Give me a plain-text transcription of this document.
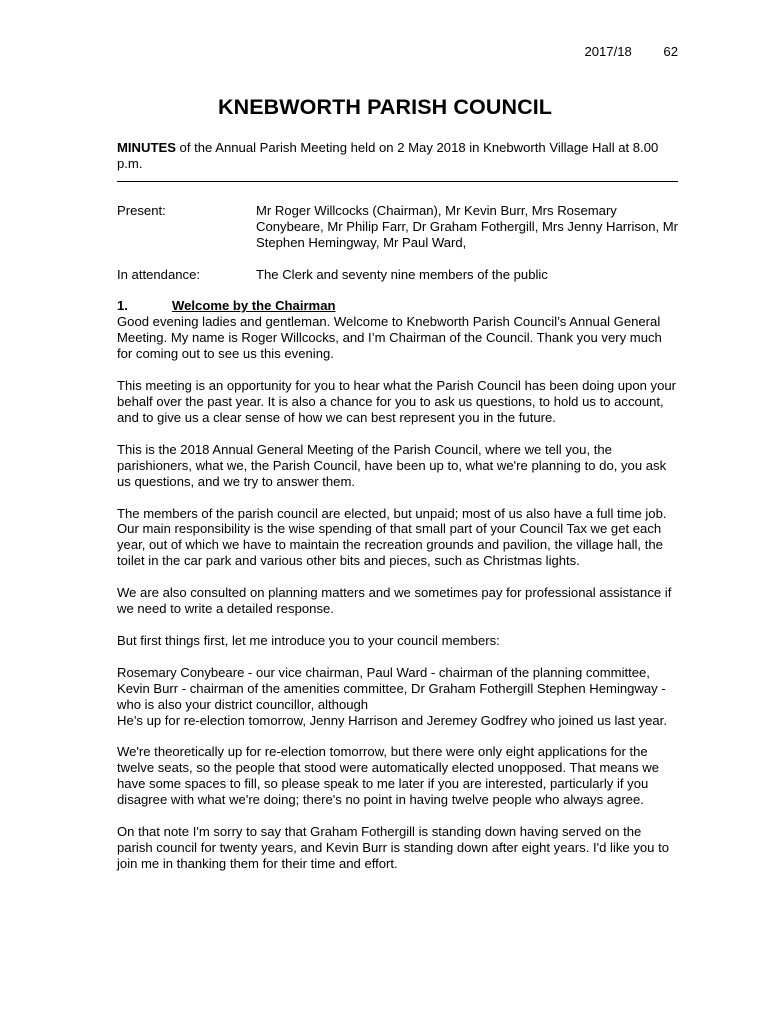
2017/18 62
KNEBWORTH PARISH COUNCIL

MINUTES of the Annual Parish Meeting held on 2 May 2018 in Knebworth Village Hall at 8.00 p.m.

Present:	Mr Roger Willcocks (Chairman), Mr Kevin Burr, Mrs Rosemary Conybeare, Mr Philip Farr, Dr Graham Fothergill, Mrs Jenny Harrison, Mr Stephen Hemingway, Mr Paul Ward,
In attendance:	The Clerk and seventy nine members of the public
1.	Welcome by the Chairman

Good evening ladies and gentleman. Welcome to Knebworth Parish Council’s Annual General Meeting. My name is Roger Willcocks, and I’m Chairman of the Council. Thank you very much for coming out to see us this evening.

This meeting is an opportunity for you to hear what the Parish Council has been doing upon your behalf over the past year. It is also a chance for you to ask us questions, to hold us to account, and to give us a clear sense of how we can best represent you in the future.

This is the 2018 Annual General Meeting of the Parish Council, where we tell you, the parishioners, what we, the Parish Council, have been up to, what we're planning to do, you ask us questions, and we try to answer them.

The members of the parish council are elected, but unpaid; most of us also have a full time job. Our main responsibility is the wise spending of that small part of your Council Tax we get each year, out of which we have to maintain the recreation grounds and pavilion, the village hall, the toilet in the car park and various other bits and pieces, such as Christmas lights.

We are also consulted on planning matters and we sometimes pay for professional assistance if we need to write a detailed response.

But first things first, let me introduce you to your council members:

Rosemary Conybeare - our vice chairman, Paul Ward - chairman of the planning committee, Kevin Burr - chairman of the amenities committee, Dr Graham Fothergill Stephen Hemingway - who is also your district councillor, although

He’s up for re-election tomorrow, Jenny Harrison and Jeremey Godfrey who joined us last year.

We're theoretically up for re-election tomorrow, but there were only eight applications for the twelve seats, so the people that stood were automatically elected unopposed. That means we have some spaces to fill, so please speak to me later if you are interested, particularly if you disagree with what we're doing; there's no point in having twelve people who always agree.

On that note I'm sorry to say that Graham Fothergill is standing down having served on the parish council for twenty years, and Kevin Burr is standing down after eight years. I'd like you to join me in thanking them for their time and effort.
